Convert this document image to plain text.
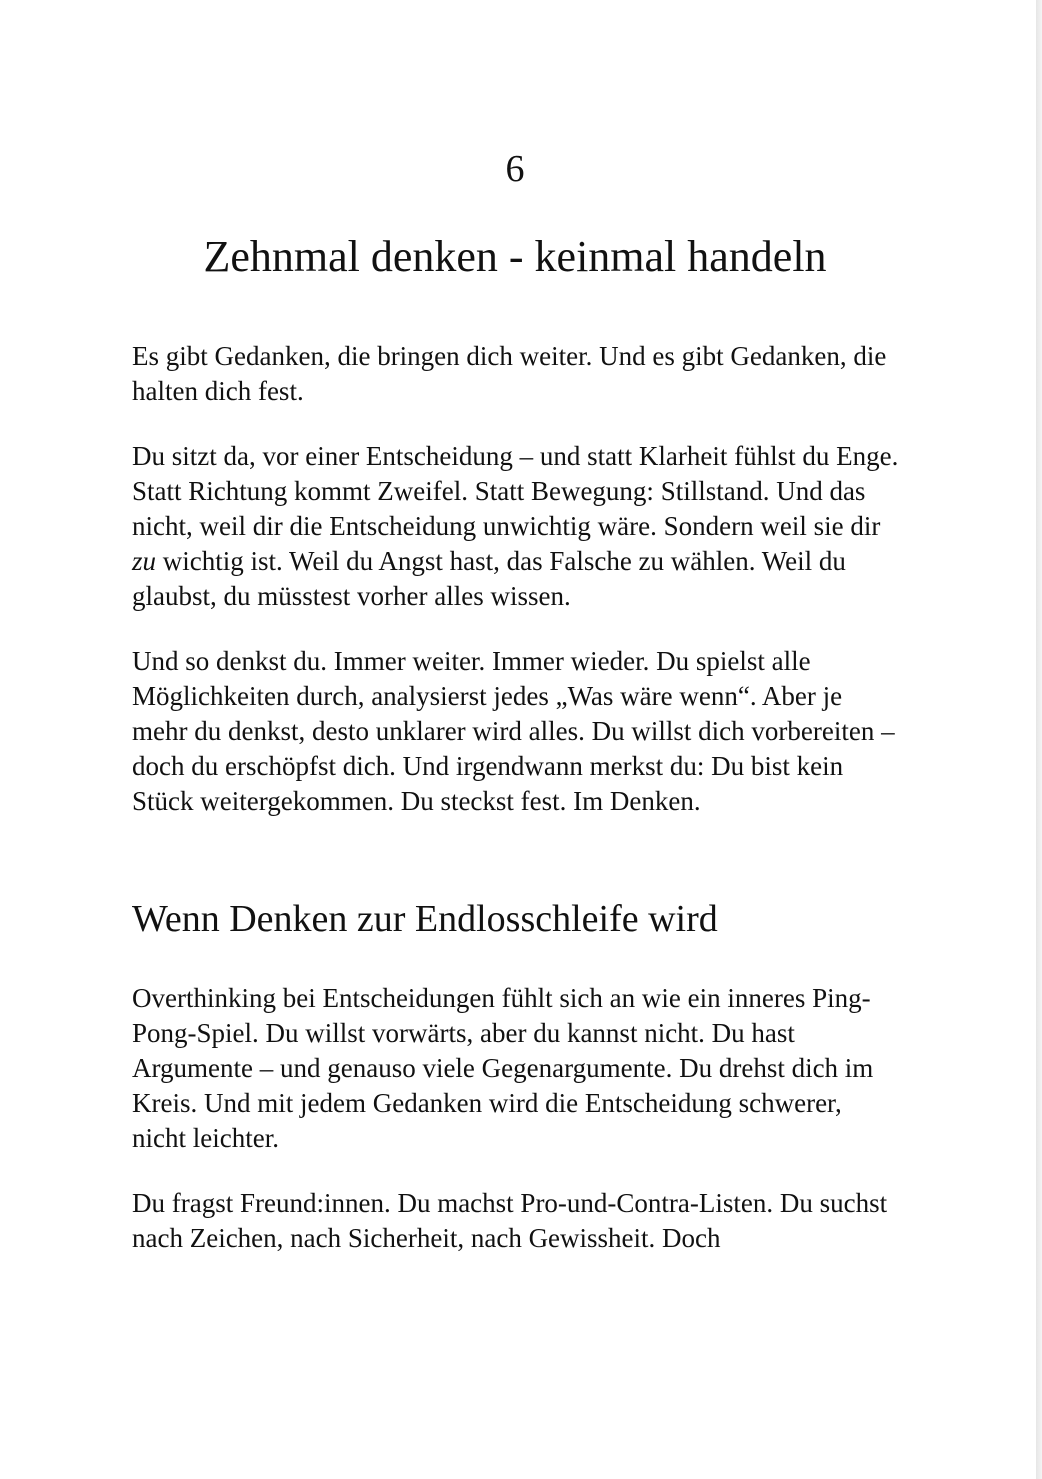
6
Zehnmal denken - keinmal handeln

Es gibt Gedanken, die bringen dich weiter. Und es gibt Gedanken, die halten dich fest.

Du sitzt da, vor einer Entscheidung – und statt Klarheit fühlst du Enge. Statt Richtung kommt Zweifel. Statt Bewegung: Stillstand. Und das nicht, weil dir die Entscheidung unwichtig wäre. Sondern weil sie dir zu wichtig ist. Weil du Angst hast, das Falsche zu wählen. Weil du glaubst, du müsstest vorher alles wissen.

Und so denkst du. Immer weiter. Immer wieder. Du spielst alle Möglichkeiten durch, analysierst jedes „Was wäre wenn“. Aber je mehr du denkst, desto unklarer wird alles. Du willst dich vorbereiten – doch du erschöpfst dich. Und irgendwann merkst du: Du bist kein Stück weitergekommen. Du steckst fest. Im Denken.

Wenn Denken zur Endlosschleife wird

Overthinking bei Entscheidungen fühlt sich an wie ein inneres Ping-Pong-Spiel. Du willst vorwärts, aber du kannst nicht. Du hast Argumente – und genauso viele Gegenargumente. Du drehst dich im Kreis. Und mit jedem Gedanken wird die Entscheidung schwerer, nicht leichter.

Du fragst Freund:innen. Du machst Pro-und-Contra-Listen. Du suchst nach Zeichen, nach Sicherheit, nach Gewissheit. Doch
